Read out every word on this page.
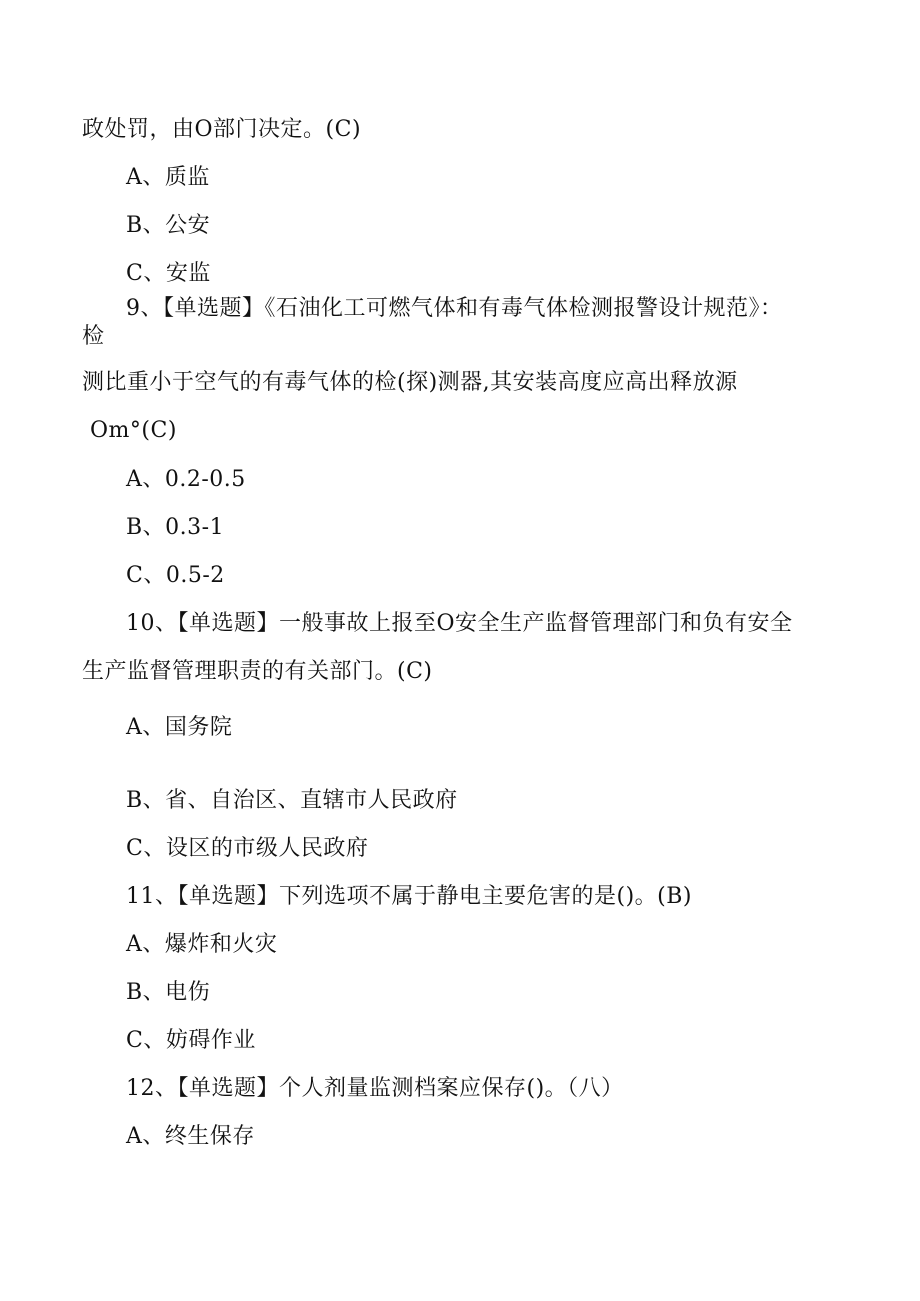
政处罚，由O部门决定。(C)
A、质监
B、公安
C、安监
9、【单选题】《石油化工可燃气体和有毒气体检测报警设计规范》：
检
测比重小于空气的有毒气体的检(探)测器,其安装高度应高出释放源
Om°(C)
A、0.2-0.5
B、0.3-1
C、0.5-2
10、【单选题】一般事故上报至O安全生产监督管理部门和负有安全
生产监督管理职责的有关部门。(C)
A、国务院
B、省、自治区、直辖市人民政府
C、设区的市级人民政府
11、【单选题】下列选项不属于静电主要危害的是()。(B)
A、爆炸和火灾
B、电伤
C、妨碍作业
12、【单选题】个人剂量监测档案应保存()。（八）
A、终生保存
